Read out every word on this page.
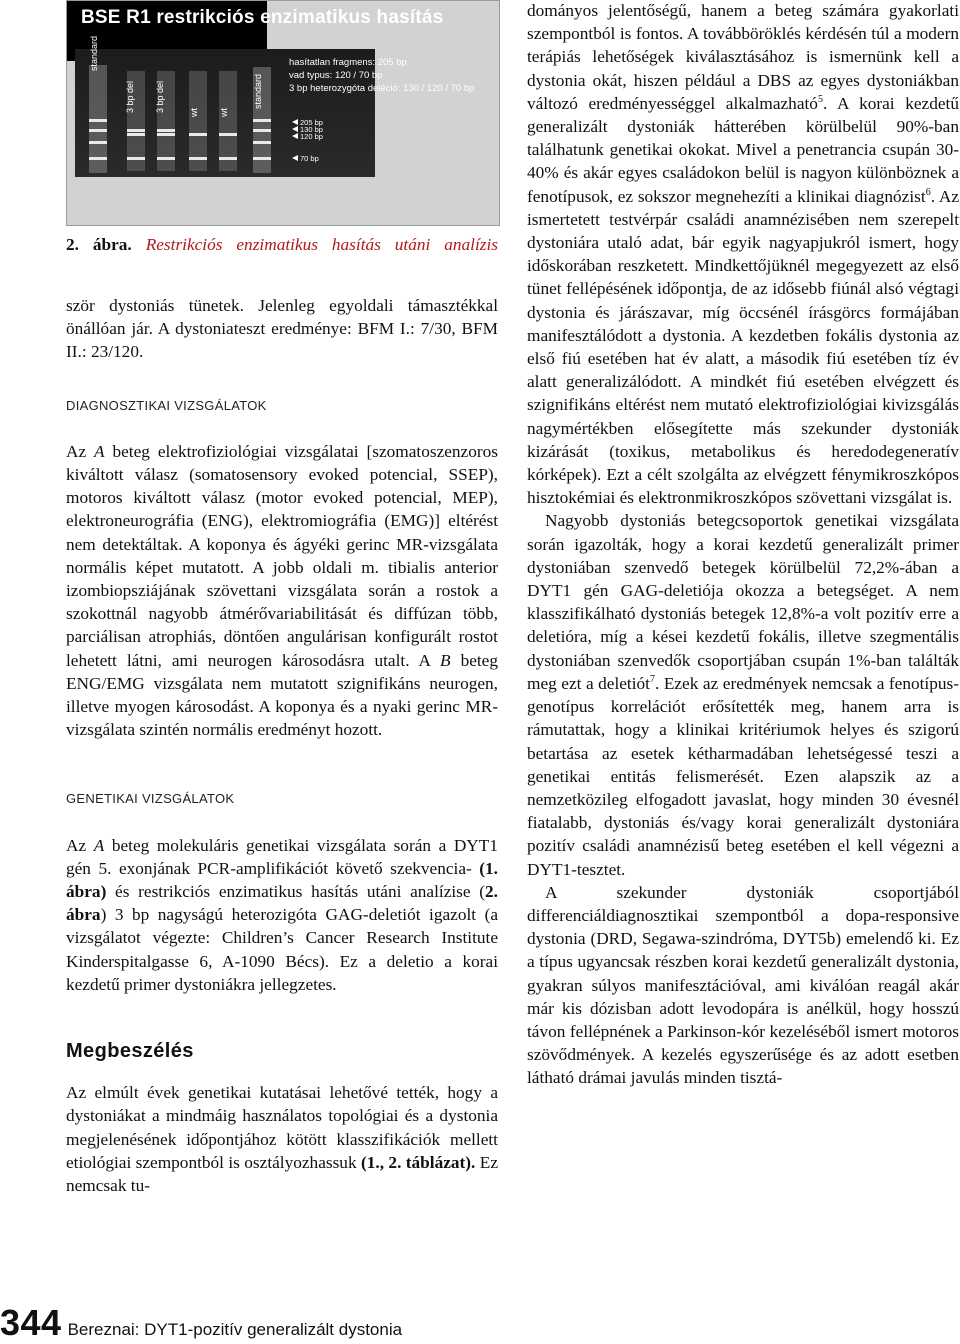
BSE R1 restrikciós enzimatikus hasítás
hasítatlan fragmens: 205 bp
vad typus: 120 / 70 bp
3 bp heterozygóta deléció: 130 / 120 / 70 bp
standard
3 bp del 3 bp del	wt wt
standard
205 bp
130 bp
120 bp
70 bp
2. ábra. Restrikciós enzimatikus hasítás utáni analízis

ször dystoniás tünetek. Jelenleg egyoldali támasztékkal önállóan jár. A dystoniateszt eredménye: BFM I.: 7/30, BFM II.: 23/120.

DIAGNOSZTIKAI VIZSGÁLATOK

Az A beteg elektrofiziológiai vizsgálatai [szomatoszenzoros kiváltott válasz (somatosensory evoked potencial, SSEP), motoros kiváltott válasz (motor evoked potencial, MEP), elektroneurográfia (ENG), elektromiográfia (EMG)] eltérést nem detektáltak. A koponya és ágyéki gerinc MR-vizsgálata normális képet mutatott. A jobb oldali m. tibialis anterior izombiopsziájának szövettani vizsgálata során a rostok a szokottnál nagyobb átmérővariabilitását és diffúzan több, parciálisan atrophiás, döntően angulárisan konfigurált rostot lehetett látni, ami neurogen károsodásra utalt. A B beteg ENG/EMG vizsgálata nem mutatott szignifikáns neurogen, illetve myogen károsodást. A koponya és a nyaki gerinc MR-vizsgálata szintén normális eredményt hozott.

GENETIKAI VIZSGÁLATOK

Az A beteg molekuláris genetikai vizsgálata során a DYT1 gén 5. exonjának PCR-amplifikációt követő szekvencia- (1. ábra) és restrikciós enzimatikus hasítás utáni analízise (2. ábra) 3 bp nagyságú heterozigóta GAG-deletiót igazolt (a vizsgálatot végezte: Children’s Cancer Research Institute Kinderspitalgasse 6, A-1090 Bécs). Ez a deletio a korai kezdetű primer dystoniákra jellegzetes.

Megbeszélés

Az elmúlt évek genetikai kutatásai lehetővé tették, hogy a dystoniákat a mindmáig használatos topológiai és a dystonia megjelenésének időpontjához kötött klasszifikációk mellett etiológiai szempontból is osztályozhassuk (1., 2. táblázat). Ez nemcsak tu-

dományos jelentőségű, hanem a beteg számára gyakorlati szempontból is fontos. A továbböröklés kérdésén túl a modern terápiás lehetőségek kiválasztásához is ismernünk kell a dystonia okát, hiszen például a DBS az egyes dystoniákban változó eredményességgel alkalmazható$^5$. A korai kezdetű generalizált dystoniák hátterében körülbelül 90%-ban találhatunk genetikai okokat. Mivel a penetrancia csupán 30-40% és akár egyes családokon belül is nagyon különböznek a fenotípusok, ez sokszor megnehezíti a klinikai diagnózist$^6$. Az ismertetett testvérpár családi anamnézisében nem szerepelt dystoniára utaló adat, bár egyik nagyapjukról ismert, hogy időskorában reszketett. Mindkettőjüknél megegyezett az első tünet fellépésének időpontja, de az idősebb fiúnál alsó végtagi dystonia és járászavar, míg öccsénél írásgörcs formájában manifesztálódott a dystonia. A kezdetben fokális dystonia az első fiú esetében hat év alatt, a második fiú esetében tíz év alatt generalizálódott. A mindkét fiú esetében elvégzett és szignifikáns eltérést nem mutató elektrofiziológiai kivizsgálás nagymértékben elősegítette más szekunder dystoniák kizárását (toxikus, metabolikus és heredodegeneratív kórképek). Ezt a célt szolgálta az elvégzett fénymikroszkópos hisztokémiai és elektronmikroszkópos szövettani vizsgálat is.

Nagyobb dystoniás betegcsoportok genetikai vizsgálata során igazolták, hogy a korai kezdetű generalizált primer dystoniában szenvedő betegek körülbelül 72,2%-ában a DYT1 gén GAG-deletiója okozza a betegséget. A nem klasszifikálható dystoniás betegek 12,8%-a volt pozitív erre a deletióra, míg a kései kezdetű fokális, illetve szegmentális dystoniában szenvedők csoportjában csupán 1%-ban találták meg ezt a deletiót$^7$. Ezek az eredmények nemcsak a fenotípus-genotípus korrelációt erősítették meg, hanem arra is rámutattak, hogy a klinikai kritériumok helyes és szigorú betartása az esetek kétharmadában lehetségessé teszi a genetikai entitás felismerését. Ezen alapszik az a nemzetközileg elfogadott javaslat, hogy minden 30 évesnél fiatalabb, dystoniás és/vagy korai generalizált dystoniára pozitív családi anamnézisű beteg esetében el kell végezni a DYT1-tesztet.

A szekunder dystoniák csoportjából differenciáldiagnosztikai szempontból a dopa-responsive dystonia (DRD, Segawa-szindróma, DYT5b) emelendő ki. Ez a típus ugyancsak részben korai kezdetű generalizált dystonia, gyakran súlyos manifesztációval, ami kiválóan reagál akár már kis dózisban adott levodopára is anélkül, hogy hosszú távon fellépnének a Parkinson-kór kezeléséből ismert motoros szövődmények. A kezelés egyszerűsége és az adott esetben látható drámai javulás minden tisztá-

344 Bereznai: DYT1-pozitív generalizált dystonia
